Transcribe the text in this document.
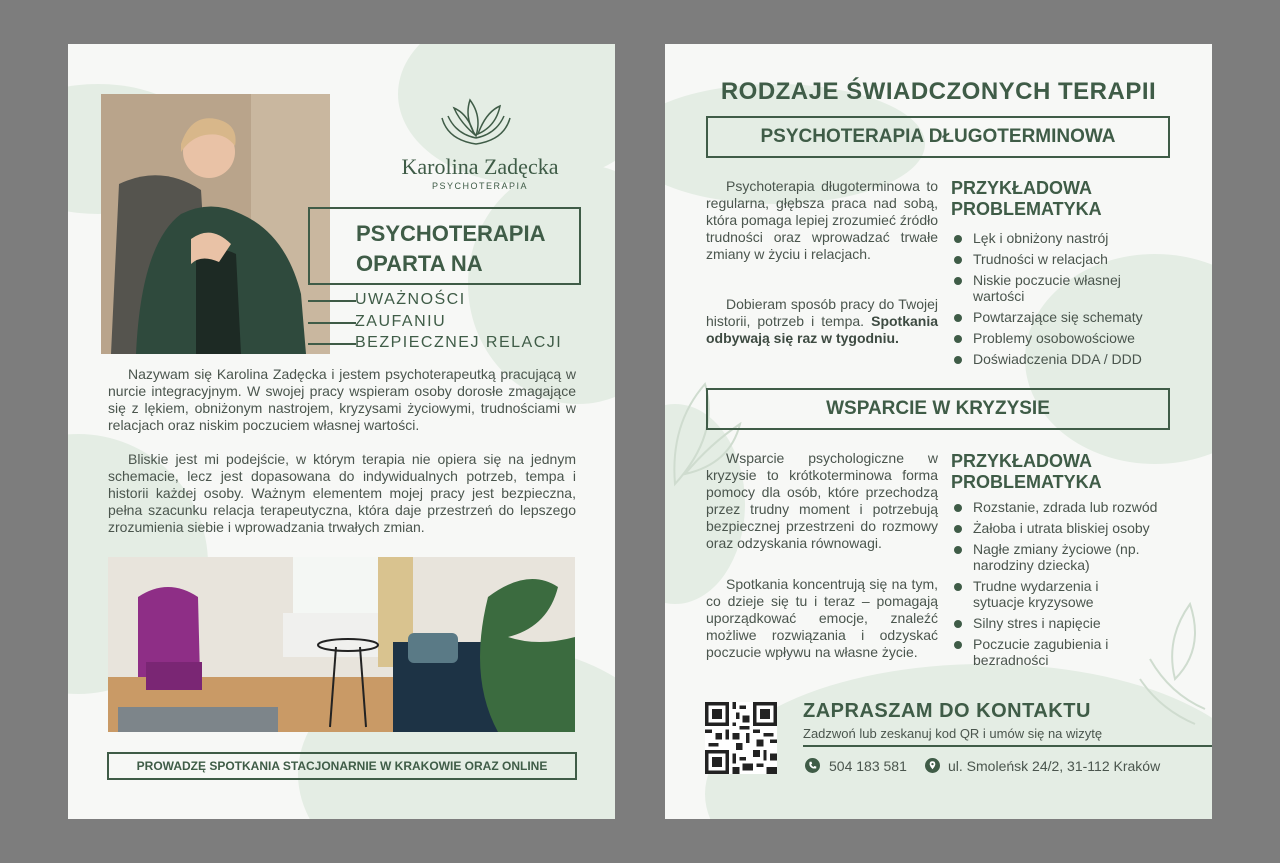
Karolina Zadęcka
PSYCHOTERAPIA
PSYCHOTERAPIA
OPARTA NA
UWAŻNOŚCI
ZAUFANIU
BEZPIECZNEJ RELACJI
Nazywam się Karolina Zadęcka i jestem psychoterapeutką pracującą w nurcie integracyjnym. W swojej pracy wspieram osoby dorosłe zmagające się z lękiem, obniżonym nastrojem, kryzysami życiowymi, trudnościami w relacjach oraz niskim poczuciem własnej wartości.
Bliskie jest mi podejście, w którym terapia nie opiera się na jednym schemacie, lecz jest dopasowana do indywidualnych potrzeb, tempa i historii każdej osoby. Ważnym elementem mojej pracy jest bezpieczna, pełna szacunku relacja terapeutyczna, która daje przestrzeń do lepszego zrozumienia siebie i wprowadzania trwałych zmian.
PROWADZĘ SPOTKANIA STACJONARNIE W KRAKOWIE ORAZ ONLINE
RODZAJE ŚWIADCZONYCH TERAPII
PSYCHOTERAPIA DŁUGOTERMINOWA
Psychoterapia długoterminowa to regularna, głębsza praca nad sobą, która pomaga lepiej zrozumieć źródło trudności oraz wprowadzać trwałe zmiany w życiu i relacjach.
Dobieram sposób pracy do Twojej historii, potrzeb i tempa. Spotkania odbywają się raz w tygodniu.
PRZYKŁADOWA PROBLEMATYKA
Lęk i obniżony nastrój
Trudności w relacjach
Niskie poczucie własnej wartości
Powtarzające się schematy
Problemy osobowościowe
Doświadczenia DDA / DDD
WSPARCIE W KRYZYSIE
Wsparcie psychologiczne w kryzysie to krótkoterminowa forma pomocy dla osób, które przechodzą przez trudny moment i potrzebują bezpiecznej przestrzeni do rozmowy oraz odzyskania równowagi.
Spotkania koncentrują się na tym, co dzieje się tu i teraz – pomagają uporządkować emocje, znaleźć możliwe rozwiązania i odzyskać poczucie wpływu na własne życie.
PRZYKŁADOWA PROBLEMATYKA
Rozstanie, zdrada lub rozwód
Żałoba i utrata bliskiej osoby
Nagłe zmiany życiowe (np. narodziny dziecka)
Trudne wydarzenia i sytuacje kryzysowe
Silny stres i napięcie
Poczucie zagubienia i bezradności
ZAPRASZAM DO KONTAKTU
Zadzwoń lub zeskanuj kod QR i umów się na wizytę
504 183 581	ul. Smoleńsk 24/2, 31-112 Kraków
